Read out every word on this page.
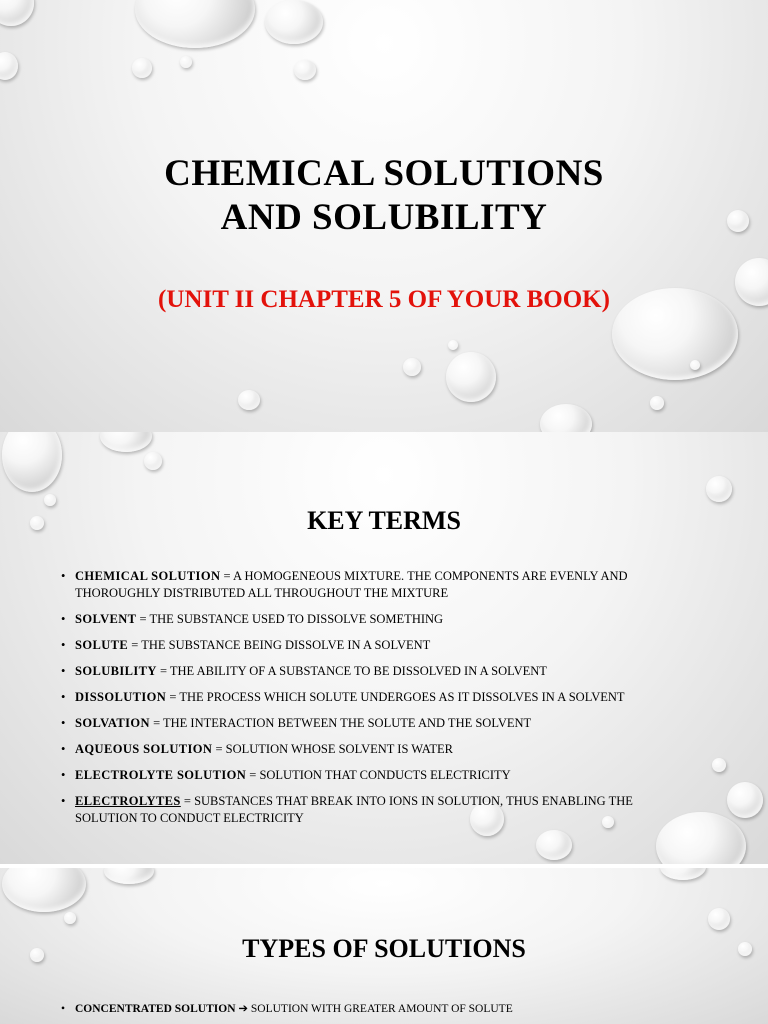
CHEMICAL SOLUTIONS
AND SOLUBILITY

(UNIT II CHAPTER 5 OF YOUR BOOK)

KEY TERMS
• CHEMICAL SOLUTION = A HOMOGENEOUS MIXTURE. THE COMPONENTS ARE EVENLY AND THOROUGHLY DISTRIBUTED ALL THROUGHOUT THE MIXTURE
• SOLVENT = THE SUBSTANCE USED TO DISSOLVE SOMETHING
• SOLUTE = THE SUBSTANCE BEING DISSOLVE IN A SOLVENT
• SOLUBILITY = THE ABILITY OF A SUBSTANCE TO BE DISSOLVED IN A SOLVENT
• DISSOLUTION = THE PROCESS WHICH SOLUTE UNDERGOES AS IT DISSOLVES IN A SOLVENT
• SOLVATION = THE INTERACTION BETWEEN THE SOLUTE AND THE SOLVENT
• AQUEOUS SOLUTION = SOLUTION WHOSE SOLVENT IS WATER
• ELECTROLYTE SOLUTION = SOLUTION THAT CONDUCTS ELECTRICITY
• ELECTROLYTES = SUBSTANCES THAT BREAK INTO IONS IN SOLUTION, THUS ENABLING THE SOLUTION TO CONDUCT ELECTRICITY
TYPES OF SOLUTIONS
• CONCENTRATED SOLUTION ➔ SOLUTION WITH GREATER AMOUNT OF SOLUTE
